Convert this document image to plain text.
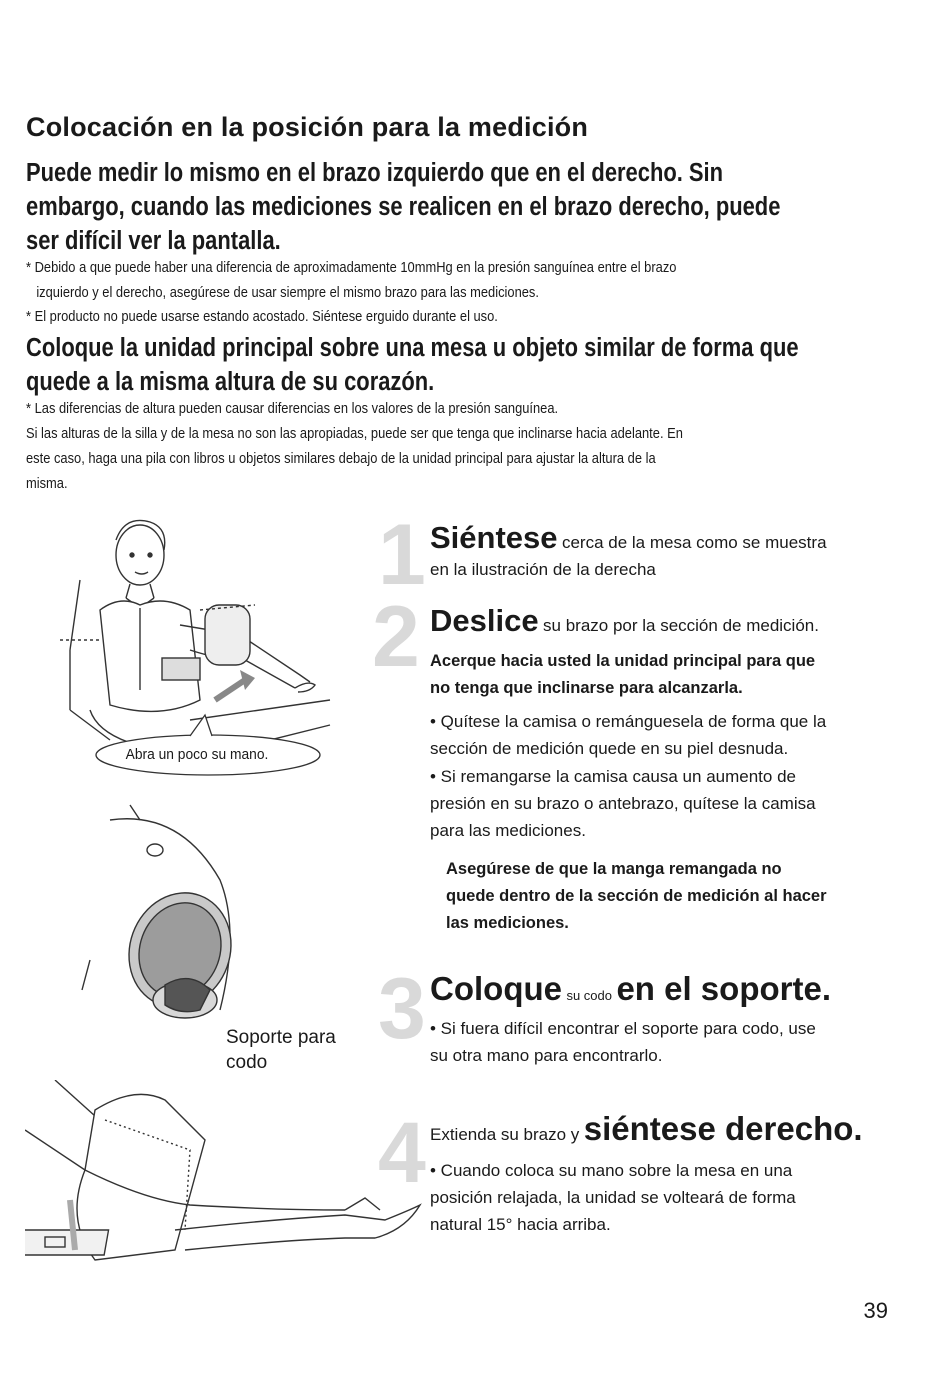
Colocación en la posición para la medición
Puede medir lo mismo en el brazo izquierdo que en el derecho. Sin
embargo, cuando las mediciones se realicen en el brazo derecho, puede
ser difícil ver la pantalla.
* Debido a que puede haber una diferencia de aproximadamente 10mmHg en la presión sanguínea entre el brazo
izquierdo y el derecho, asegúrese de usar siempre el mismo brazo para las mediciones.
* El producto no puede usarse estando acostado. Siéntese erguido durante el uso.
Coloque la unidad principal sobre una mesa u objeto similar de forma que
quede a la misma altura de su corazón.
* Las diferencias de altura pueden causar diferencias en los valores de la presión sanguínea.
Si las alturas de la silla y de la mesa no son las apropiadas, puede ser que tenga que inclinarse hacia adelante. En
este caso, haga una pila con libros u objetos similares debajo de la unidad principal para ajustar la altura de la
misma.
1 Siéntese cerca de la mesa como se muestra
en la ilustración de la derecha
2 Deslice su brazo por la sección de medición.
Acerque hacia usted la unidad principal para que
no tenga que inclinarse para alcanzarla.
• Quítese la camisa o remánguesela de forma que la
sección de medición quede en su piel desnuda.
• Si remangarse la camisa causa un aumento de
presión en su brazo o antebrazo, quítese la camisa
para las mediciones.
Asegúrese de que la manga remangada no
quede dentro de la sección de medición al hacer
las mediciones.
3 Coloque su codo en el soporte.
• Si fuera difícil encontrar el soporte para codo, use
su otra mano para encontrarlo.
4 Extienda su brazo y siéntese derecho.
• Cuando coloca su mano sobre la mesa en una
posición relajada, la unidad se volteará de forma
natural 15° hacia arriba.
Abra un poco su mano.
Soporte para
codo
39
